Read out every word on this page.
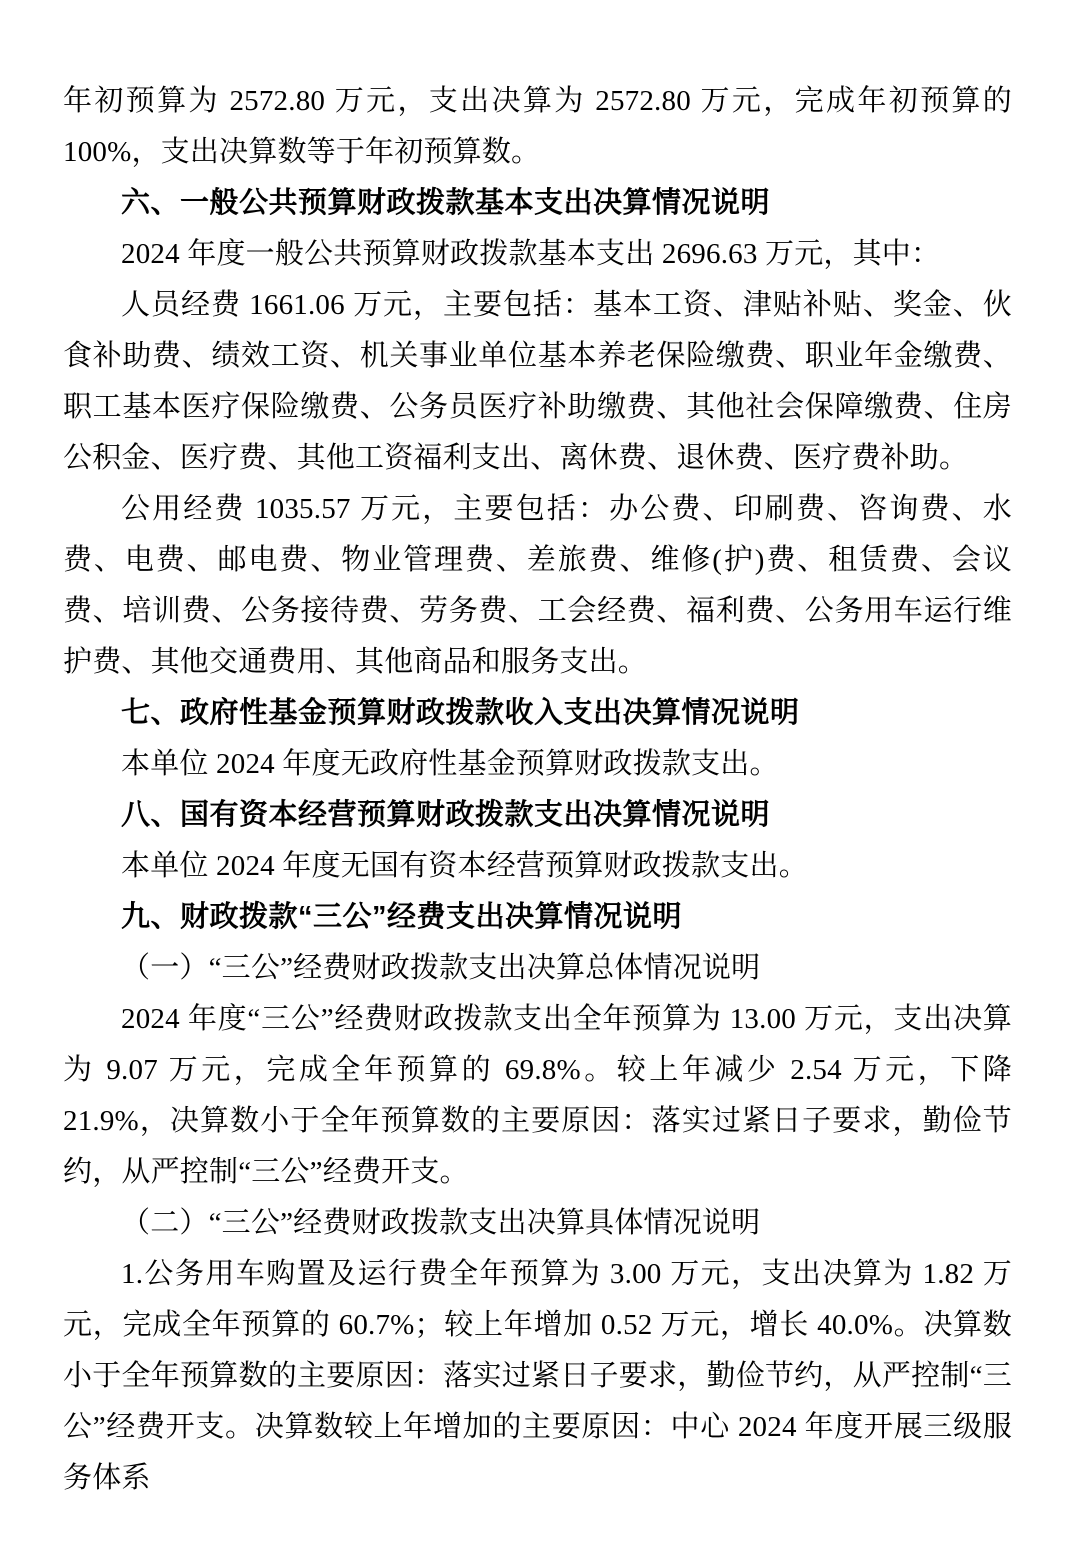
年初预算为 2572.80 万元，支出决算为 2572.80 万元，完成年初预算的 100%，支出决算数等于年初预算数。

六、一般公共预算财政拨款基本支出决算情况说明

2024 年度一般公共预算财政拨款基本支出 2696.63 万元，其中：

人员经费 1661.06 万元，主要包括：基本工资、津贴补贴、奖金、伙食补助费、绩效工资、机关事业单位基本养老保险缴费、职业年金缴费、职工基本医疗保险缴费、公务员医疗补助缴费、其他社会保障缴费、住房公积金、医疗费、其他工资福利支出、离休费、退休费、医疗费补助。

公用经费 1035.57 万元，主要包括：办公费、印刷费、咨询费、水费、电费、邮电费、物业管理费、差旅费、维修(护)费、租赁费、会议费、培训费、公务接待费、劳务费、工会经费、福利费、公务用车运行维护费、其他交通费用、其他商品和服务支出。

七、政府性基金预算财政拨款收入支出决算情况说明

本单位 2024 年度无政府性基金预算财政拨款支出。

八、国有资本经营预算财政拨款支出决算情况说明

本单位 2024 年度无国有资本经营预算财政拨款支出。

九、财政拨款“三公”经费支出决算情况说明

（一）“三公”经费财政拨款支出决算总体情况说明

2024 年度“三公”经费财政拨款支出全年预算为 13.00 万元，支出决算为 9.07 万元，完成全年预算的 69.8%。较上年减少 2.54 万元，下降 21.9%，决算数小于全年预算数的主要原因：落实过紧日子要求，勤俭节约，从严控制“三公”经费开支。

（二）“三公”经费财政拨款支出决算具体情况说明

1.公务用车购置及运行费全年预算为 3.00 万元，支出决算为 1.82 万元，完成全年预算的 60.7%；较上年增加 0.52 万元，增长 40.0%。决算数小于全年预算数的主要原因：落实过紧日子要求，勤俭节约，从严控制“三公”经费开支。决算数较上年增加的主要原因：中心 2024 年度开展三级服务体系
